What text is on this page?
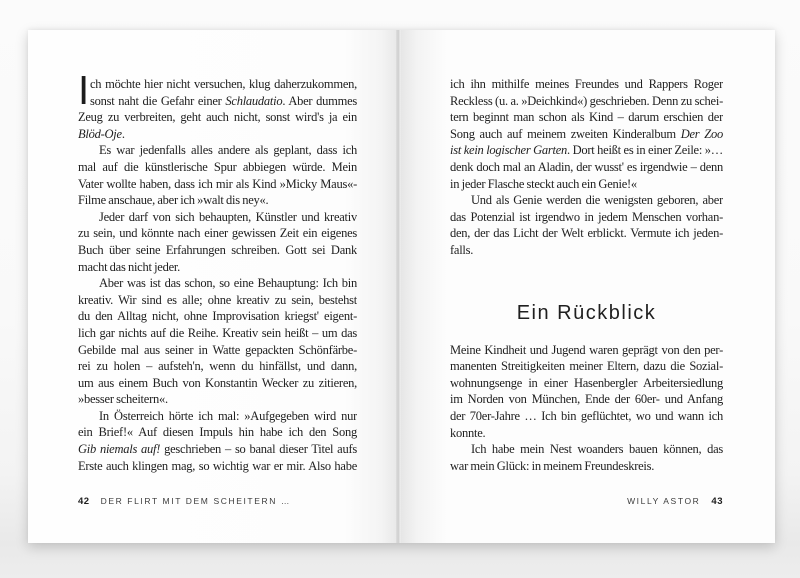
I ch möchte hier nicht versuchen, klug daherzukommen,
sonst naht die Gefahr einer Schlaudatio. Aber dummes
Zeug zu verbreiten, geht auch nicht, sonst wird's ja ein
Blöd-Oje.
Es war jedenfalls alles andere als geplant, dass ich
mal auf die künstlerische Spur abbiegen würde. Mein
Vater wollte haben, dass ich mir als Kind »Micky Maus«-
Filme anschaue, aber ich »walt dis ney«.
Jeder darf von sich behaupten, Künstler und kreativ
zu sein, und könnte nach einer gewissen Zeit ein eigenes
Buch über seine Erfahrungen schreiben. Gott sei Dank
macht das nicht jeder.
Aber was ist das schon, so eine Behauptung: Ich bin
kreativ. Wir sind es alle; ohne kreativ zu sein, bestehst
du den Alltag nicht, ohne Improvisation kriegst' eigent-
lich gar nichts auf die Reihe. Kreativ sein heißt – um das
Gebilde mal aus seiner in Watte gepackten Schönfärbe-
rei zu holen – aufsteh'n, wenn du hinfällst, und dann,
um aus einem Buch von Konstantin Wecker zu zitieren,
»besser scheitern«.
In Österreich hörte ich mal: »Aufgegeben wird nur
ein Brief!« Auf diesen Impuls hin habe ich den Song
Gib niemals auf! geschrieben – so banal dieser Titel aufs
Erste auch klingen mag, so wichtig war er mir. Also habe
42 DER FLIRT MIT DEM SCHEITERN …
ich ihn mithilfe meines Freundes und Rappers Roger
Reckless (u. a. »Deichkind«) geschrieben. Denn zu schei-
tern beginnt man schon als Kind – darum erschien der
Song auch auf meinem zweiten Kinderalbum Der Zoo
ist kein logischer Garten. Dort heißt es in einer Zeile: »…
denk doch mal an Aladin, der wusst' es irgendwie – denn
in jeder Flasche steckt auch ein Genie!«
Und als Genie werden die wenigsten geboren, aber
das Potenzial ist irgendwo in jedem Menschen vorhan-
den, der das Licht der Welt erblickt. Vermute ich jeden-
falls.
Ein Rückblick
Meine Kindheit und Jugend waren geprägt von den per-
manenten Streitigkeiten meiner Eltern, dazu die Sozial-
wohnungsenge in einer Hasenbergler Arbeitersiedlung
im Norden von München, Ende der 60er- und Anfang
der 70er-Jahre … Ich bin geflüchtet, wo und wann ich
konnte.
Ich habe mein Nest woanders bauen können, das
war mein Glück: in meinem Freundeskreis.
WILLY ASTOR 43
